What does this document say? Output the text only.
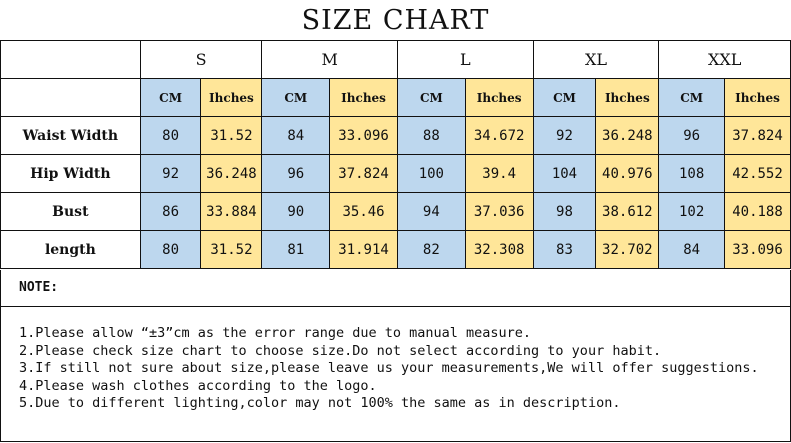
SIZE CHART
	S		M		L		XL		XXL	
	CM	Ihches	CM	Ihches	CM	Ihches	CM	Ihches	CM	Ihches
Waist Width	80	31.52	84	33.096	88	34.672	92	36.248	96	37.824
Hip Width	92	36.248	96	37.824	100	39.4	104	40.976	108	42.552
Bust	86	33.884	90	35.46	94	37.036	98	38.612	102	40.188
length	80	31.52	81	31.914	82	32.308	83	32.702	84	33.096
NOTE:
1.Please allow “±3”cm as the error range due to manual measure.
2.Please check size chart to choose size.Do not select according to your habit.
3.If still not sure about size,please leave us your measurements,We will offer suggestions.
4.Please wash clothes according to the logo.
5.Due to different lighting,color may not 100% the same as in description.
